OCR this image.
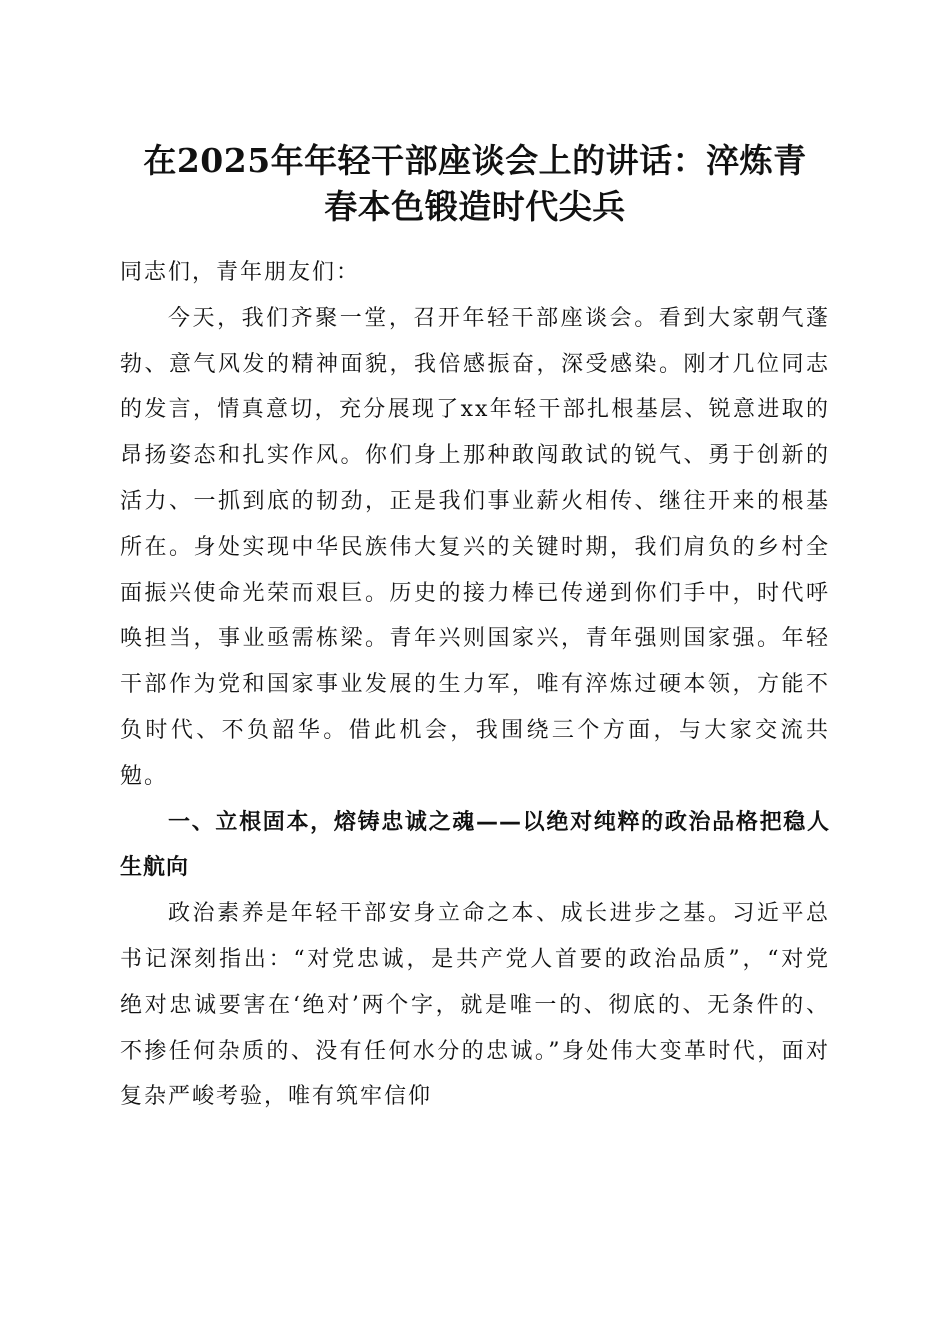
在2025年年轻干部座谈会上的讲话：淬炼青
春本色锻造时代尖兵

同志们，青年朋友们：

今天，我们齐聚一堂，召开年轻干部座谈会。看到大家朝气蓬勃、意气风发的精神面貌，我倍感振奋，深受感染。刚才几位同志的发言，情真意切，充分展现了xx年轻干部扎根基层、锐意进取的昂扬姿态和扎实作风。你们身上那种敢闯敢试的锐气、勇于创新的活力、一抓到底的韧劲，正是我们事业薪火相传、继往开来的根基所在。身处实现中华民族伟大复兴的关键时期，我们肩负的乡村全面振兴使命光荣而艰巨。历史的接力棒已传递到你们手中，时代呼唤担当，事业亟需栋梁。青年兴则国家兴，青年强则国家强。年轻干部作为党和国家事业发展的生力军，唯有淬炼过硬本领，方能不负时代、不负韶华。借此机会，我围绕三个方面，与大家交流共勉。

一、立根固本，熔铸忠诚之魂——以绝对纯粹的政治品格把稳人生航向

政治素养是年轻干部安身立命之本、成长进步之基。习近平总书记深刻指出：“对党忠诚，是共产党人首要的政治品质”，“对党绝对忠诚要害在‘绝对’两个字，就是唯一的、彻底的、无条件的、不掺任何杂质的、没有任何水分的忠诚。”身处伟大变革时代，面对复杂严峻考验，唯有筑牢信仰
